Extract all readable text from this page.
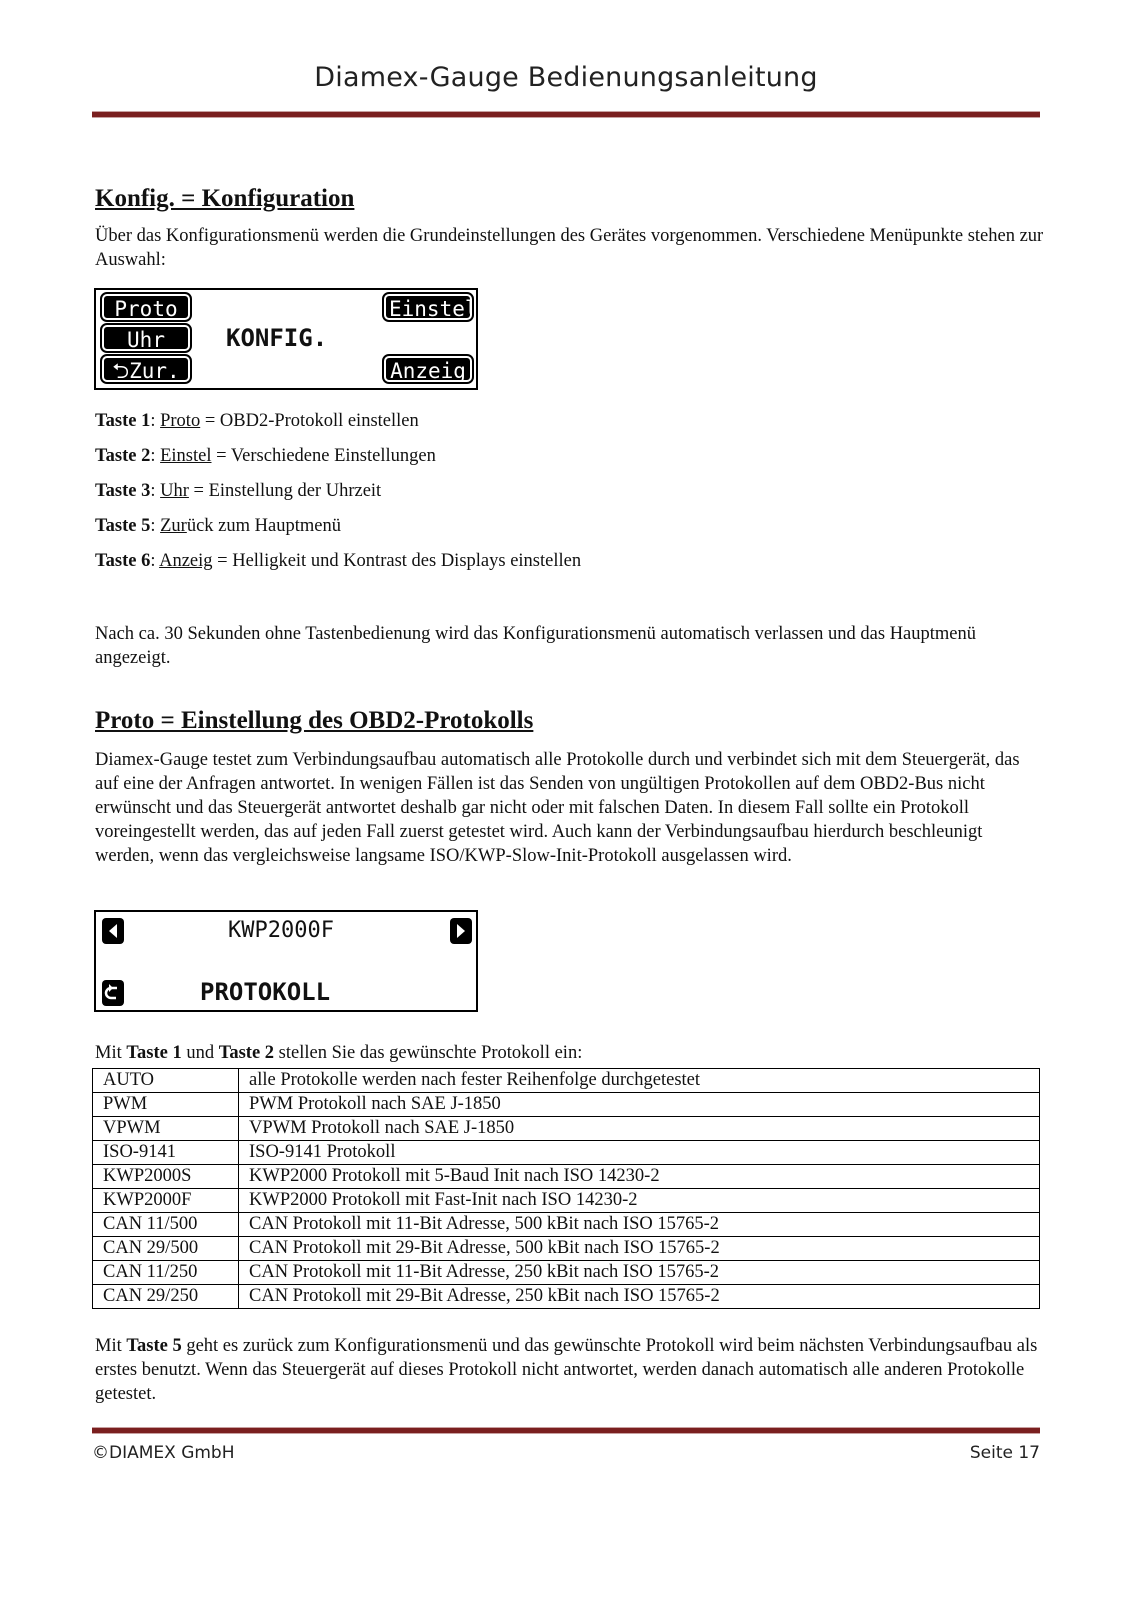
Diamex-Gauge Bedienungsanleitung
Konfig. = Konfiguration
Über das Konfigurationsmenü werden die Grundeinstellungen des Gerätes vorgenommen. Verschiedene Menüpunkte stehen zur Auswahl:
Proto
Uhr
⮌Zur.
KONFIG.
Einstel
Anzeig
Taste 1: Proto = OBD2-Protokoll einstellen
Taste 2: Einstel = Verschiedene Einstellungen
Taste 3: Uhr = Einstellung der Uhrzeit
Taste 5: Zurück zum Hauptmenü
Taste 6: Anzeig = Helligkeit und Kontrast des Displays einstellen
Nach ca. 30 Sekunden ohne Tastenbedienung wird das Konfigurationsmenü automatisch verlassen und das Hauptmenü angezeigt.
Proto = Einstellung des OBD2-Protokolls
Diamex-Gauge testet zum Verbindungsaufbau automatisch alle Protokolle durch und verbindet sich mit dem Steuergerät, das auf eine der Anfragen antwortet. In wenigen Fällen ist das Senden von ungültigen Protokollen auf dem OBD2-Bus nicht erwünscht und das Steuergerät antwortet deshalb gar nicht oder mit falschen Daten. In diesem Fall sollte ein Protokoll voreingestellt werden, das auf jeden Fall zuerst getestet wird. Auch kann der Verbindungsaufbau hierdurch beschleunigt werden, wenn das vergleichsweise langsame ISO/KWP-Slow-Init-Protokoll ausgelassen wird.
KWP2000F
PROTOKOLL
Mit Taste 1 und Taste 2 stellen Sie das gewünschte Protokoll ein:
AUTO	alle Protokolle werden nach fester Reihenfolge durchgetestet
PWM	PWM Protokoll nach SAE J-1850
VPWM	VPWM Protokoll nach SAE J-1850
ISO-9141	ISO-9141 Protokoll
KWP2000S	KWP2000 Protokoll mit 5-Baud Init nach ISO 14230-2
KWP2000F	KWP2000 Protokoll mit Fast-Init nach ISO 14230-2
CAN 11/500	CAN Protokoll mit 11-Bit Adresse, 500 kBit nach ISO 15765-2
CAN 29/500	CAN Protokoll mit 29-Bit Adresse, 500 kBit nach ISO 15765-2
CAN 11/250	CAN Protokoll mit 11-Bit Adresse, 250 kBit nach ISO 15765-2
CAN 29/250	CAN Protokoll mit 29-Bit Adresse, 250 kBit nach ISO 15765-2
Mit Taste 5 geht es zurück zum Konfigurationsmenü und das gewünschte Protokoll wird beim nächsten Verbindungsaufbau als erstes benutzt. Wenn das Steuergerät auf dieses Protokoll nicht antwortet, werden danach automatisch alle anderen Protokolle getestet.
©DIAMEX GmbH	Seite 17
